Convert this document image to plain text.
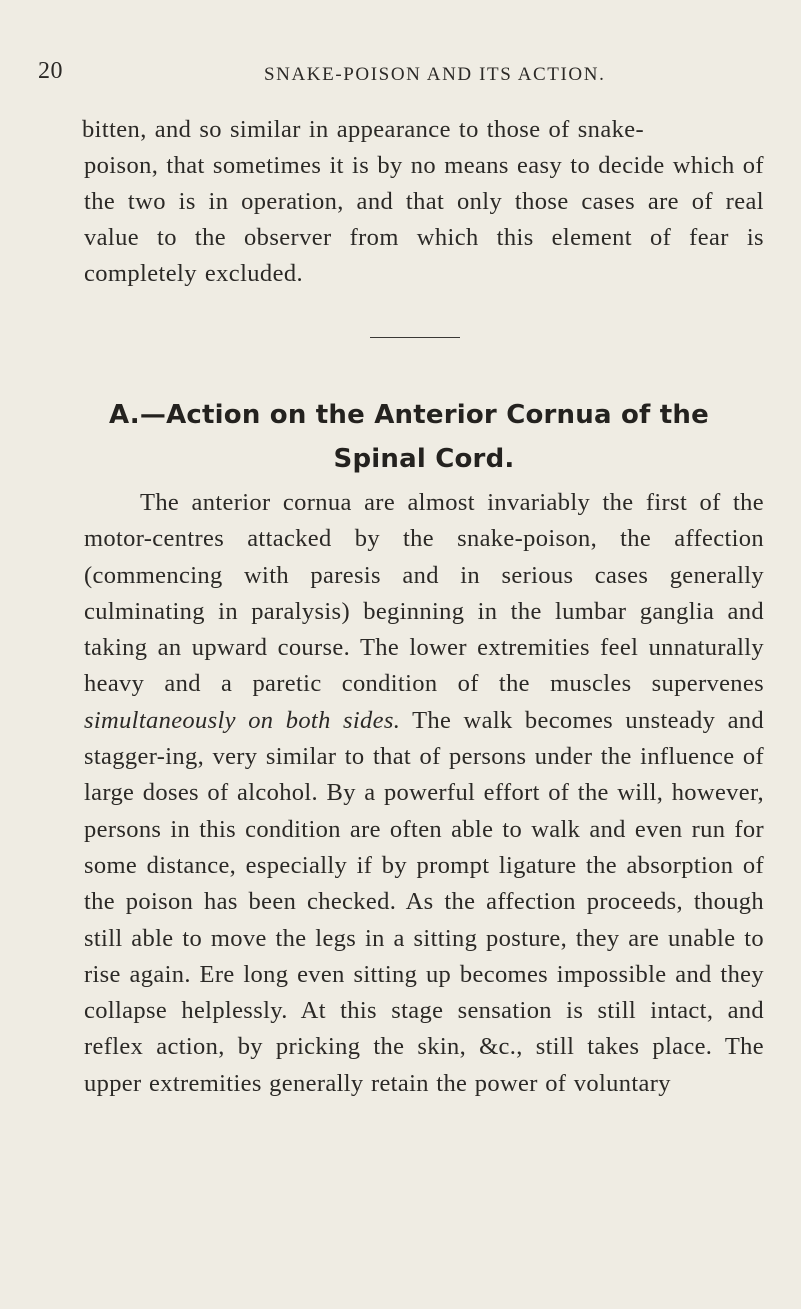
20	SNAKE-POISON AND ITS ACTION.

bitten, and so similar in appearance to those of snake-
poison, that sometimes it is by no means easy to decide which of the two is in operation, and that only those cases are of real value to the observer from which this element of fear is completely excluded.

A.—Action on the Anterior Cornua of the
Spinal Cord.

The anterior cornua are almost invariably the first of the motor-centres attacked by the snake-poison, the affection (commencing with paresis and in serious cases generally culminating in paralysis) beginning in the lumbar ganglia and taking an upward course. The lower extremities feel unnaturally heavy and a paretic condition of the muscles supervenes simultaneously on both sides. The walk becomes unsteady and stagger-ing, very similar to that of persons under the influence of large doses of alcohol. By a powerful effort of the will, however, persons in this condition are often able to walk and even run for some distance, especially if by prompt ligature the absorption of the poison has been checked. As the affection proceeds, though still able to move the legs in a sitting posture, they are unable to rise again. Ere long even sitting up becomes impossible and they collapse helplessly. At this stage sensation is still intact, and reflex action, by pricking the skin, &c., still takes place. The upper extremities generally retain the power of voluntary
